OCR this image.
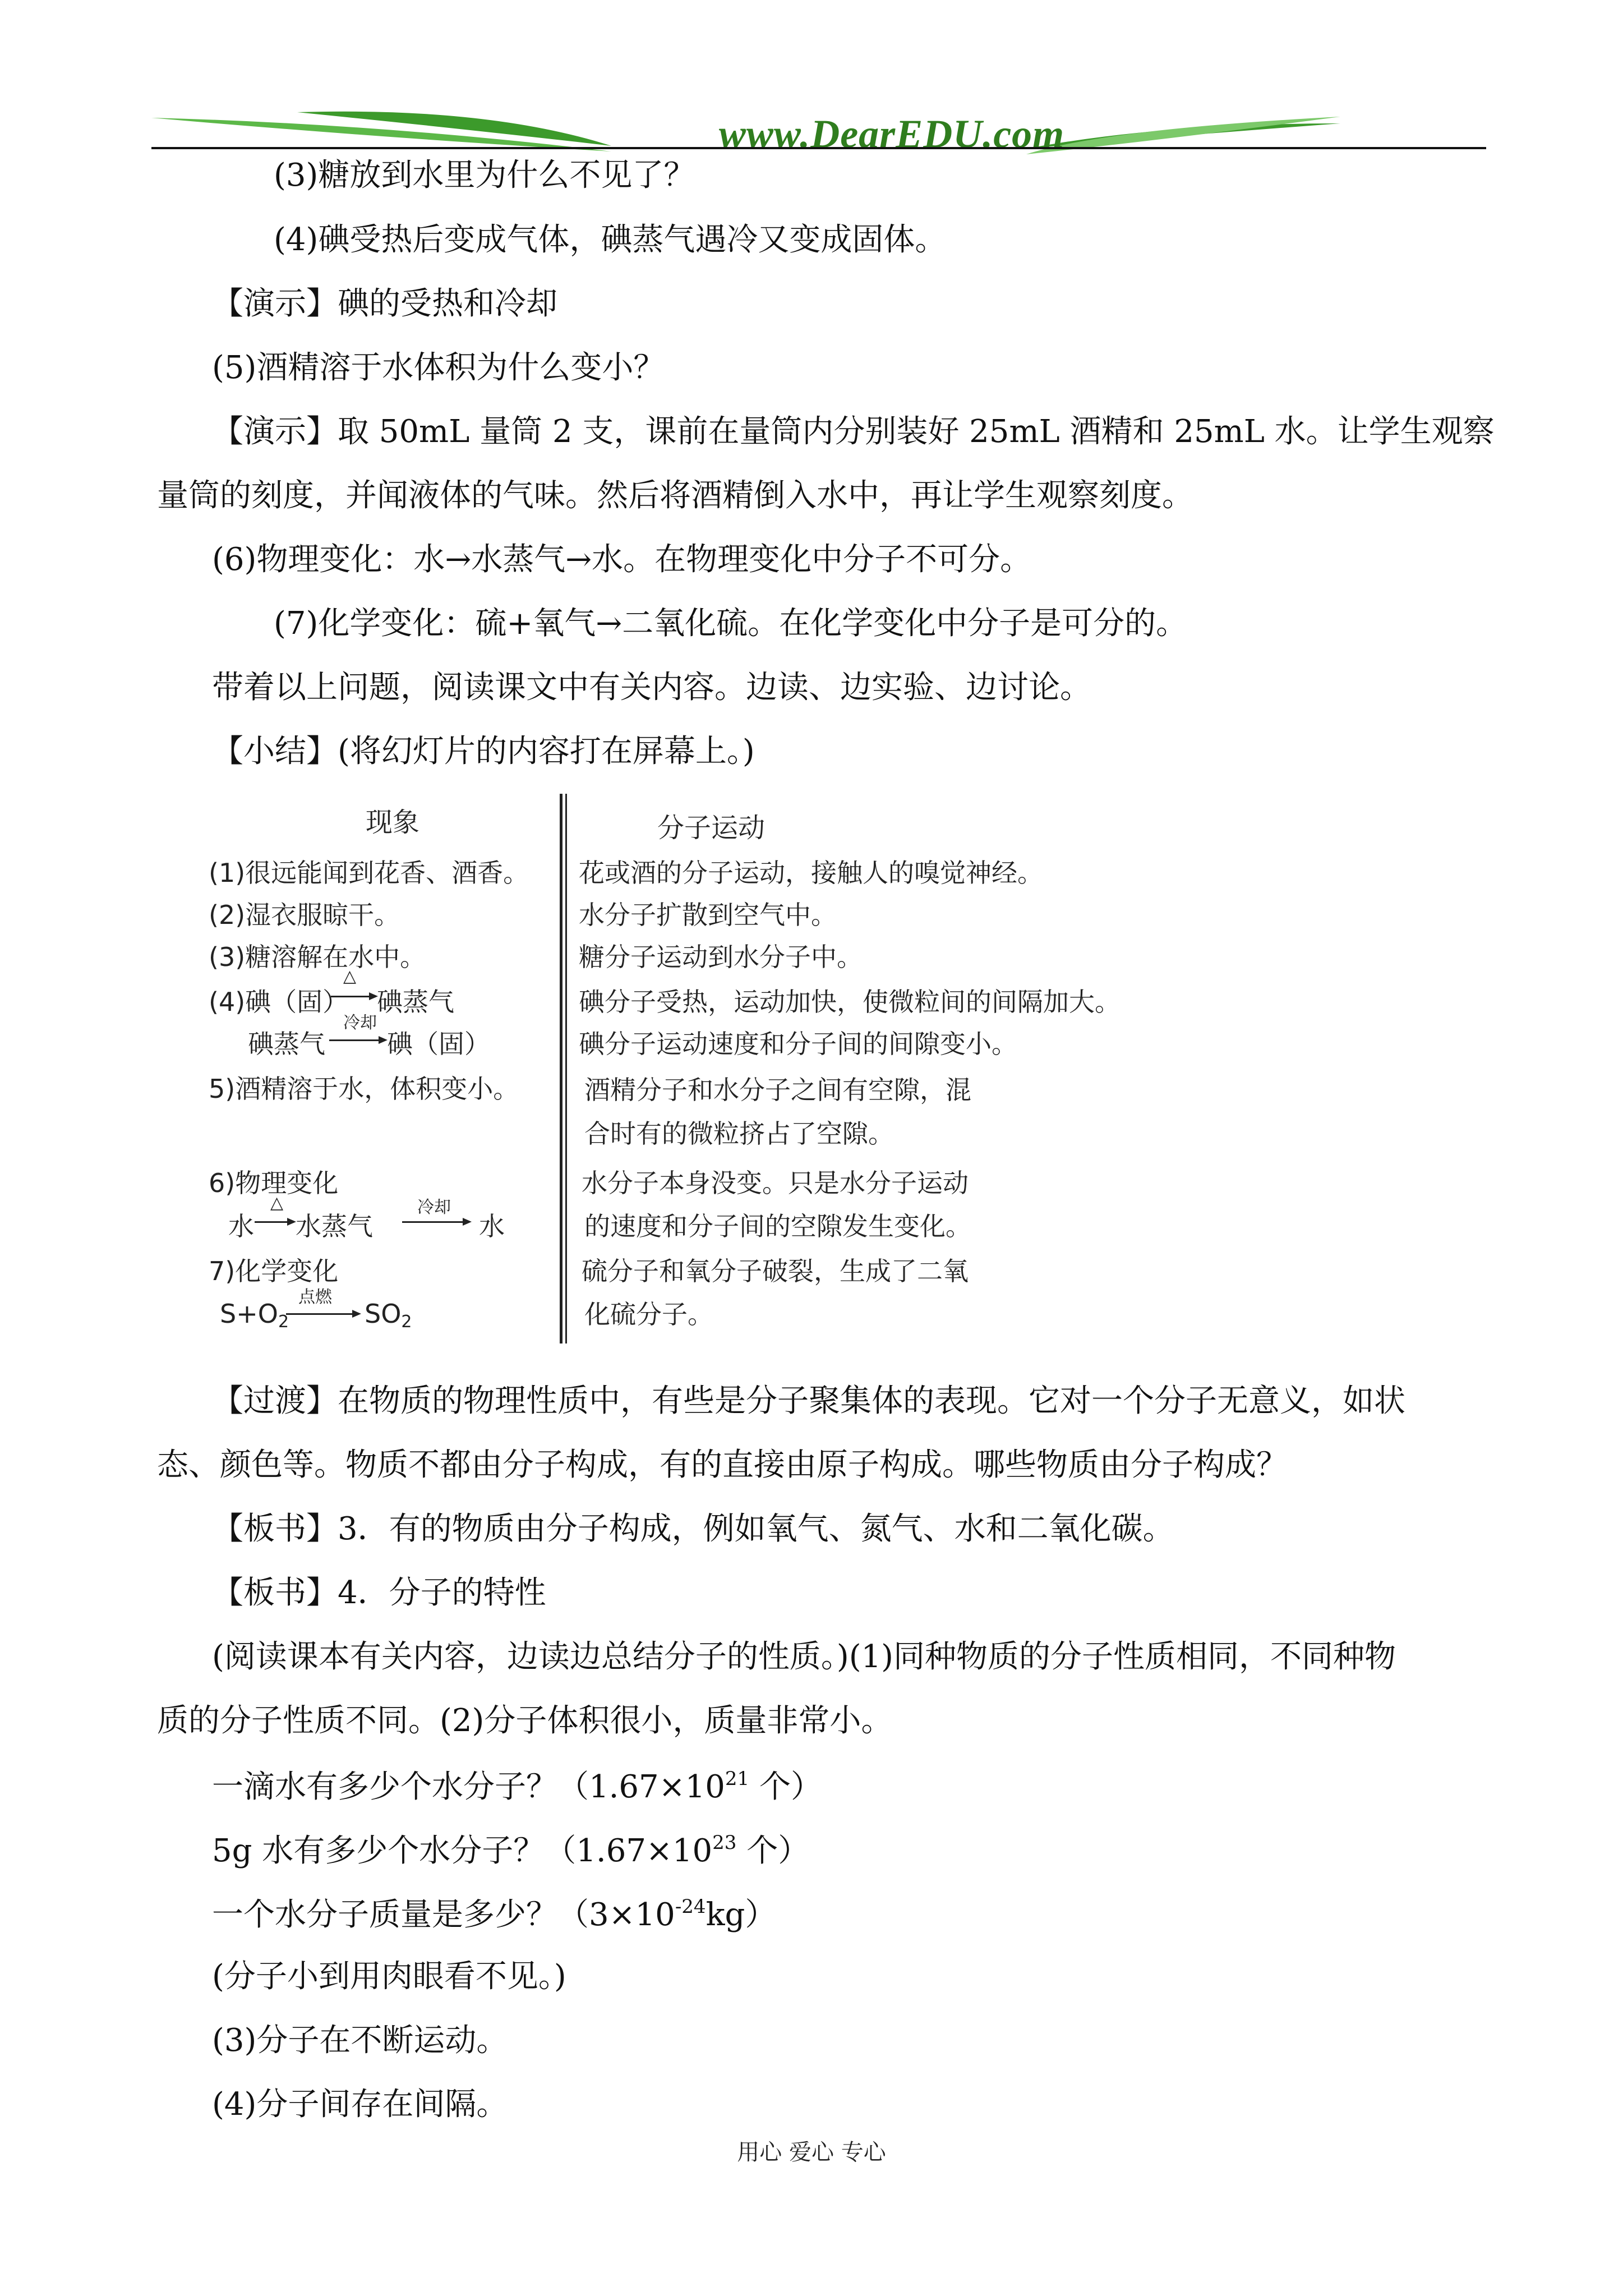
www.DearEDU.com
(3)糖放到水里为什么不见了？
(4)碘受热后变成气体，碘蒸气遇冷又变成固体。
【演示】碘的受热和冷却
(5)酒精溶于水体积为什么变小？
【演示】取 50mL 量筒 2 支，课前在量筒内分别装好 25mL 酒精和 25mL 水。让学生观察
量筒的刻度，并闻液体的气味。然后将酒精倒入水中，再让学生观察刻度。
(6)物理变化：水→水蒸气→水。在物理变化中分子不可分。
(7)化学变化：硫+氧气→二氧化硫。在化学变化中分子是可分的。
带着以上问题，阅读课文中有关内容。边读、边实验、边讨论。
【小结】(将幻灯片的内容打在屏幕上。)
现象	分子运动
(1)很远能闻到花香、酒香。
(2)湿衣服晾干。
(3)糖溶解在水中。
(4)碘（固）
△
碘蒸气
碘蒸气
冷却
碘（固）
5)酒精溶于水，体积变小。
6)物理变化
水
△
水蒸气
冷却
水
7)化学变化
$S+O_2$
点燃
$SO_2$
花或酒的分子运动，接触人的嗅觉神经。
水分子扩散到空气中。
糖分子运动到水分子中。
碘分子受热，运动加快，使微粒间的间隔加大。
碘分子运动速度和分子间的间隙变小。
酒精分子和水分子之间有空隙，混
合时有的微粒挤占了空隙。
水分子本身没变。只是水分子运动
的速度和分子间的空隙发生变化。
硫分子和氧分子破裂，生成了二氧
化硫分子。
【过渡】在物质的物理性质中，有些是分子聚集体的表现。它对一个分子无意义，如状
态、颜色等。物质不都由分子构成，有的直接由原子构成。哪些物质由分子构成？
【板书】3．有的物质由分子构成，例如氧气、氮气、水和二氧化碳。
【板书】4．分子的特性
(阅读课本有关内容，边读边总结分子的性质。)(1)同种物质的分子性质相同，不同种物
质的分子性质不同。(2)分子体积很小，质量非常小。
一滴水有多少个水分子？（$1.67\times 10^{21}$ 个）
5g 水有多少个水分子？（$1.67\times 10^{23}$ 个）
一个水分子质量是多少？$(3\times 10^{-24}kg)$
(分子小到用肉眼看不见。)
(3)分子在不断运动。
(4)分子间存在间隔。
用心 爱心 专心
